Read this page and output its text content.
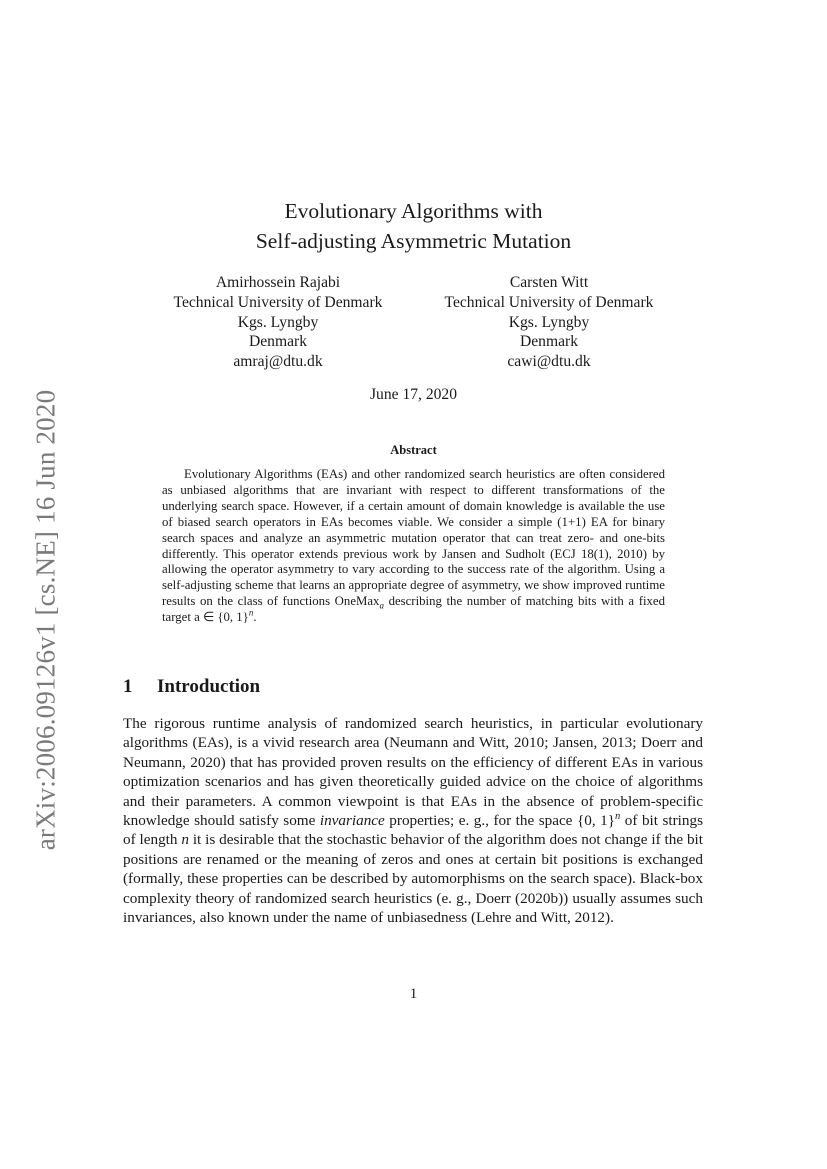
arXiv:2006.09126v1 [cs.NE] 16 Jun 2020
Evolutionary Algorithms with
Self-adjusting Asymmetric Mutation
Amirhossein Rajabi
Technical University of Denmark
Kgs. Lyngby
Denmark
amraj@dtu.dk
Carsten Witt
Technical University of Denmark
Kgs. Lyngby
Denmark
cawi@dtu.dk
June 17, 2020
Abstract
Evolutionary Algorithms (EAs) and other randomized search heuristics are often considered as unbiased algorithms that are invariant with respect to different transformations of the underlying search space. However, if a certain amount of domain knowledge is available the use of biased search operators in EAs becomes viable. We consider a simple (1+1) EA for binary search spaces and analyze an asymmetric mutation operator that can treat zero- and one-bits differently. This operator extends previous work by Jansen and Sudholt (ECJ 18(1), 2010) by allowing the operator asymmetry to vary according to the success rate of the algorithm. Using a self-adjusting scheme that learns an appropriate degree of asymmetry, we show improved runtime results on the class of functions OneMax$_a$ describing the number of matching bits with a fixed target a ∈ {0, 1}$^n$.
1 Introduction
The rigorous runtime analysis of randomized search heuristics, in particular evolutionary algorithms (EAs), is a vivid research area (Neumann and Witt, 2010; Jansen, 2013; Doerr and Neumann, 2020) that has provided proven results on the efficiency of different EAs in various optimization scenarios and has given theoretically guided advice on the choice of algorithms and their parameters. A common viewpoint is that EAs in the absence of problem-specific knowledge should satisfy some invariance properties; e. g., for the space {0, 1}$^n$ of bit strings of length n it is desirable that the stochastic behavior of the algorithm does not change if the bit positions are renamed or the meaning of zeros and ones at certain bit positions is exchanged (formally, these properties can be described by automorphisms on the search space). Black-box complexity theory of randomized search heuristics (e. g., Doerr (2020b)) usually assumes such invariances, also known under the name of unbiasedness (Lehre and Witt, 2012).
1
